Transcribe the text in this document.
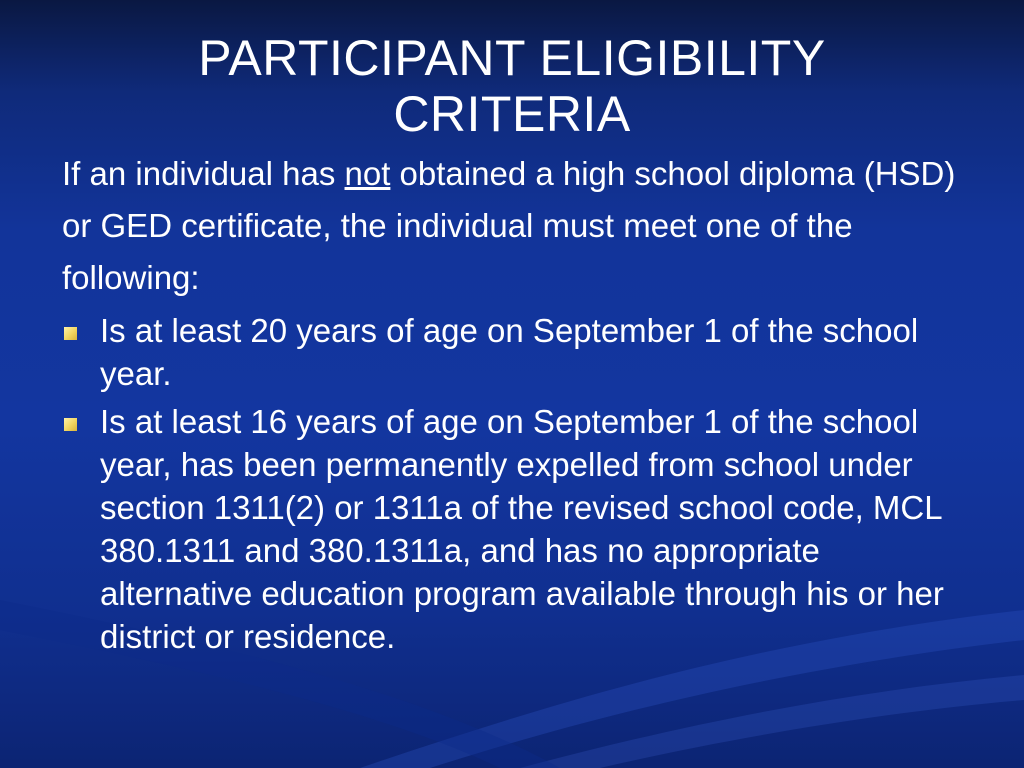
PARTICIPANT ELIGIBILITY
CRITERIA

If an individual has not obtained a high school diploma (HSD) or GED certificate, the individual must meet one of the following:

Is at least 20 years of age on September 1 of the school year.
Is at least 16 years of age on September 1 of the school year, has been permanently expelled from school under section 1311(2) or 1311a of the revised school code, MCL 380.1311 and 380.1311a, and has no appropriate alternative education program available through his or her district or residence.
